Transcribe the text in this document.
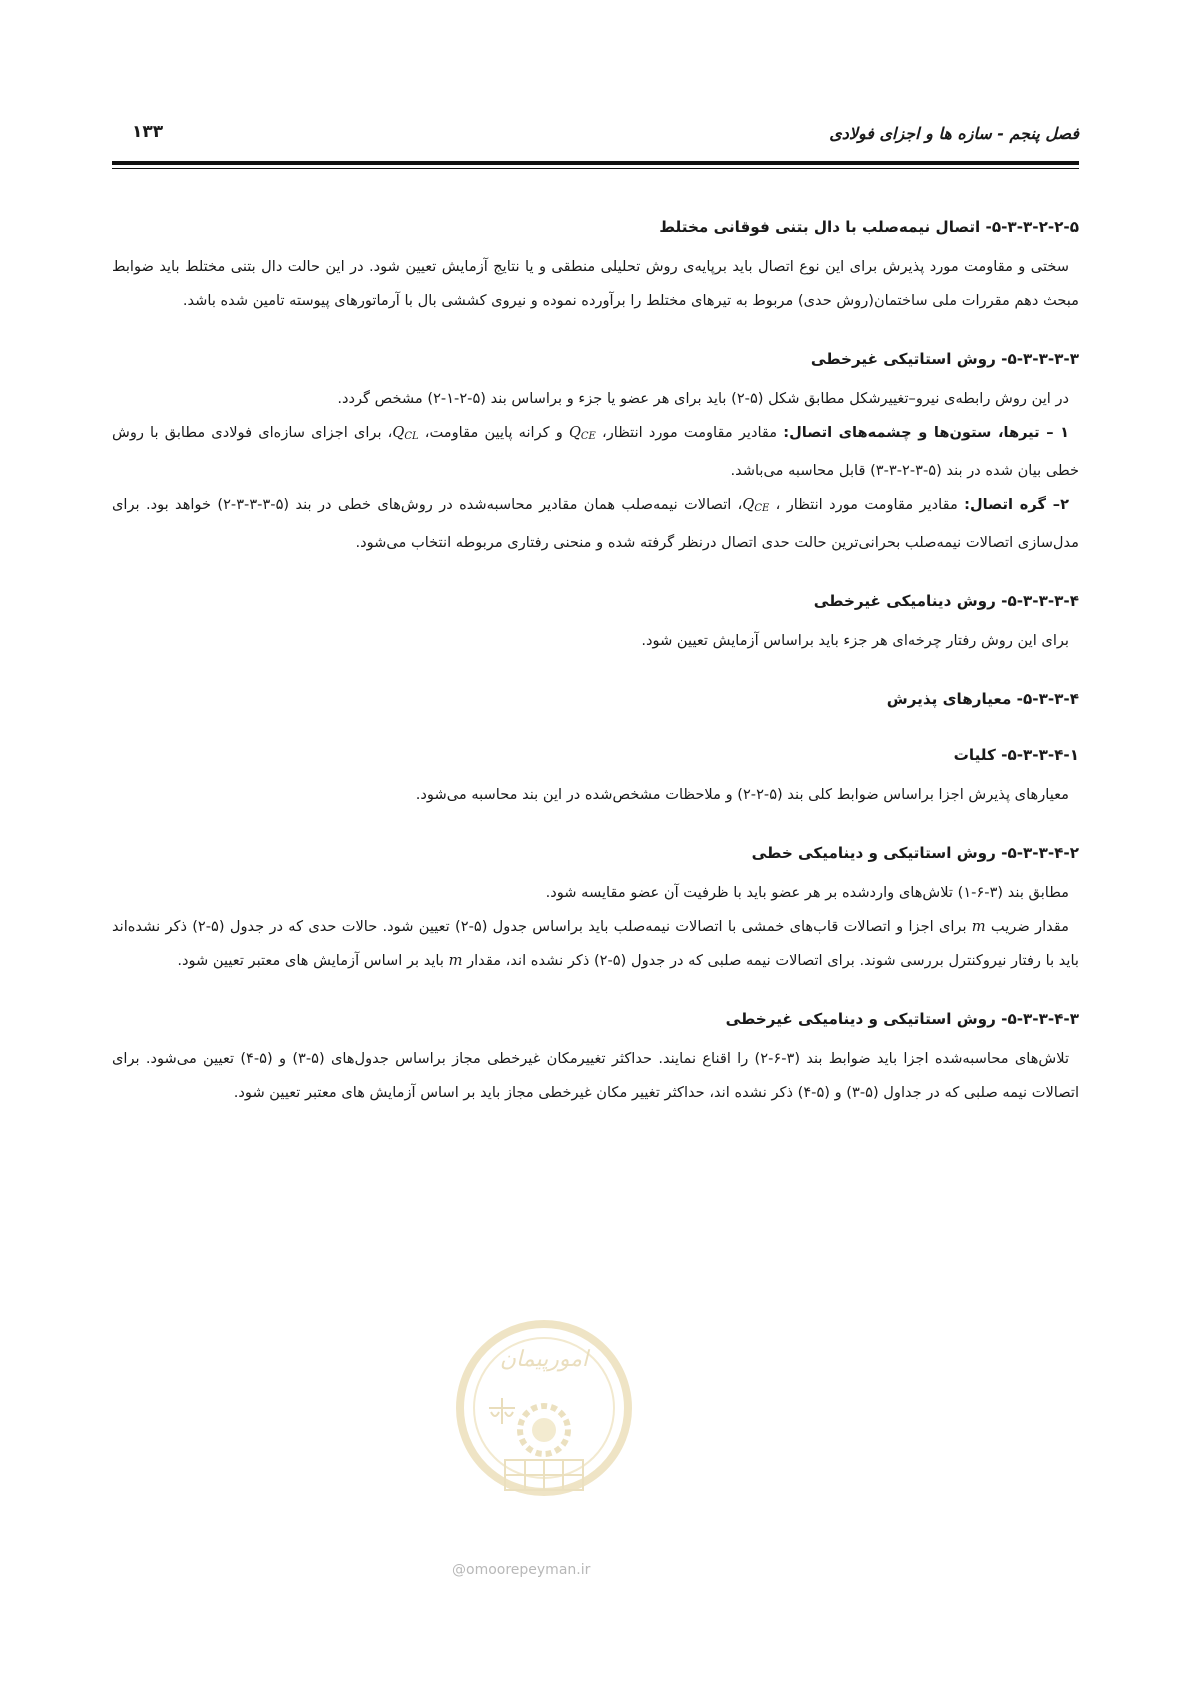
فصل پنجم - سازه ها و اجزای فولادی
۱۳۳
۵-۳-۳-۲-۲-۵- اتصال نیمه‌صلب با دال بتنی فوقانی مختلط

سختی و مقاومت مورد پذیرش برای این نوع اتصال باید برپایه‌ی روش تحلیلی منطقی و یا نتایج آزمایش تعیین شود. در این حالت دال بتنی مختلط باید ضوابط مبحث دهم مقررات ملی ساختمان(روش حدی) مربوط به تیرهای مختلط را برآورده نموده و نیروی کششی بال با آرماتورهای پیوسته تامین شده باشد.

۵-۳-۳-۳-۳- روش استاتیکی غیرخطی

در این روش رابطه‌ی نیرو–تغییرشکل مطابق شکل (۵-۲) باید برای هر عضو یا جزء و براساس بند (۵-۲-۱-۲) مشخص گردد.

۱ – تیرها، ستون‌ها و چشمه‌های اتصال: مقادیر مقاومت مورد انتظار، $Q_{CE}$ و کرانه پایین مقاومت، $Q_{CL}،$ برای اجزای سازه‌ای فولادی مطابق با روش خطی بیان شده در بند (۵-۳-۲-۳-۳) قابل محاسبه می‌باشد.

۲– گره اتصال: مقادیر مقاومت مورد انتظار ، $Q_{CE}،$ اتصالات نیمه‌صلب همان مقادیر محاسبه‌شده در روش‌های خطی در بند (۵-۳-۳-۳-۲) خواهد بود. برای مدل‌سازی اتصالات نیمه‌صلب بحرانی‌ترین حالت حدی اتصال درنظر گرفته شده و منحنی رفتاری مربوطه انتخاب می‌شود.

۵-۳-۳-۳-۴- روش دینامیکی غیرخطی

برای این روش رفتار چرخه‌ای هر جزء باید براساس آزمایش تعیین شود.

۵-۳-۳-۴- معیارهای پذیرش
۵-۳-۳-۴-۱- کلیات

معیارهای پذیرش اجزا براساس ضوابط کلی بند (۵-۲-۲) و ملاحظات مشخص‌شده در این بند محاسبه می‌شود.

۵-۳-۳-۴-۲- روش استاتیکی و دینامیکی خطی

مطابق بند (۳-۶-۱) تلاش‌های واردشده بر هر عضو باید با ظرفیت آن عضو مقایسه شود.

مقدار ضریب m برای اجزا و اتصالات قاب‌های خمشی با اتصالات نیمه‌صلب باید براساس جدول (۵-۲) تعیین شود. حالات حدی که در جدول (۵-۲) ذکر نشده‌اند باید با رفتار نیروکنترل بررسی شوند. برای اتصالات نیمه صلبی که در جدول (۵-۲) ذکر نشده اند، مقدار m باید بر اساس آزمایش های معتبر تعیین شود.

۵-۳-۳-۴-۳- روش استاتیکی و دینامیکی غیرخطی

تلاش‌های محاسبه‌شده اجزا باید ضوابط بند (۳-۶-۲) را اقناع نمایند. حداکثر تغییرمکان غیرخطی مجاز براساس جدول‌های (۵-۳) و (۵-۴) تعیین می‌شود. برای اتصالات نیمه صلبی که در جداول (۵-۳) و (۵-۴) ذکر نشده اند، حداکثر تغییر مکان غیرخطی مجاز باید بر اساس آزمایش های معتبر تعیین شود.

امورپیمان
@omoorepeyman.ir
